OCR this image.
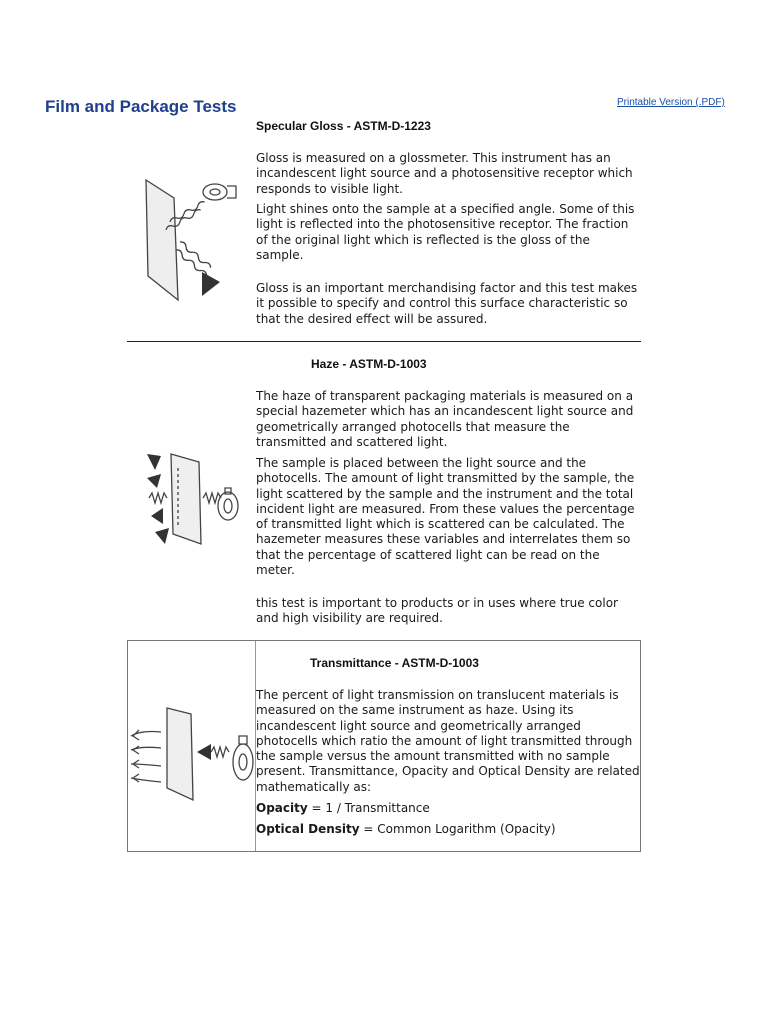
Film and Package Tests	Printable Version (.PDF)
Specular Gloss - ASTM-D-1223

Gloss is measured on a glossmeter. This instrument has an incandescent light source and a photosensitive receptor which responds to visible light.

Light shines onto the sample at a specified angle. Some of this light is reflected into the photosensitive receptor. The fraction of the original light which is reflected is the gloss of the sample.

Gloss is an important merchandising factor and this test makes it possible to specify and control this surface characteristic so that the desired effect will be assured.

Haze - ASTM-D-1003

The haze of transparent packaging materials is measured on a special hazemeter which has an incandescent light source and geometrically arranged photocells that measure the transmitted and scattered light.

The sample is placed between the light source and the photocells. The amount of light transmitted by the sample, the light scattered by the sample and the instrument and the total incident light are measured. From these values the percentage of transmitted light which is scattered can be calculated. The hazemeter measures these variables and interrelates them so that the percentage of scattered light can be read on the meter.

this test is important to products or in uses where true color and high visibility are required.

Transmittance - ASTM-D-1003

The percent of light transmission on translucent materials is measured on the same instrument as haze. Using its incandescent light source and geometrically arranged photocells which ratio the amount of light transmitted through the sample versus the amount transmitted with no sample present. Transmittance, Opacity and Optical Density are related mathematically as:

Opacity = 1 / Transmittance

Optical Density = Common Logarithm (Opacity)
